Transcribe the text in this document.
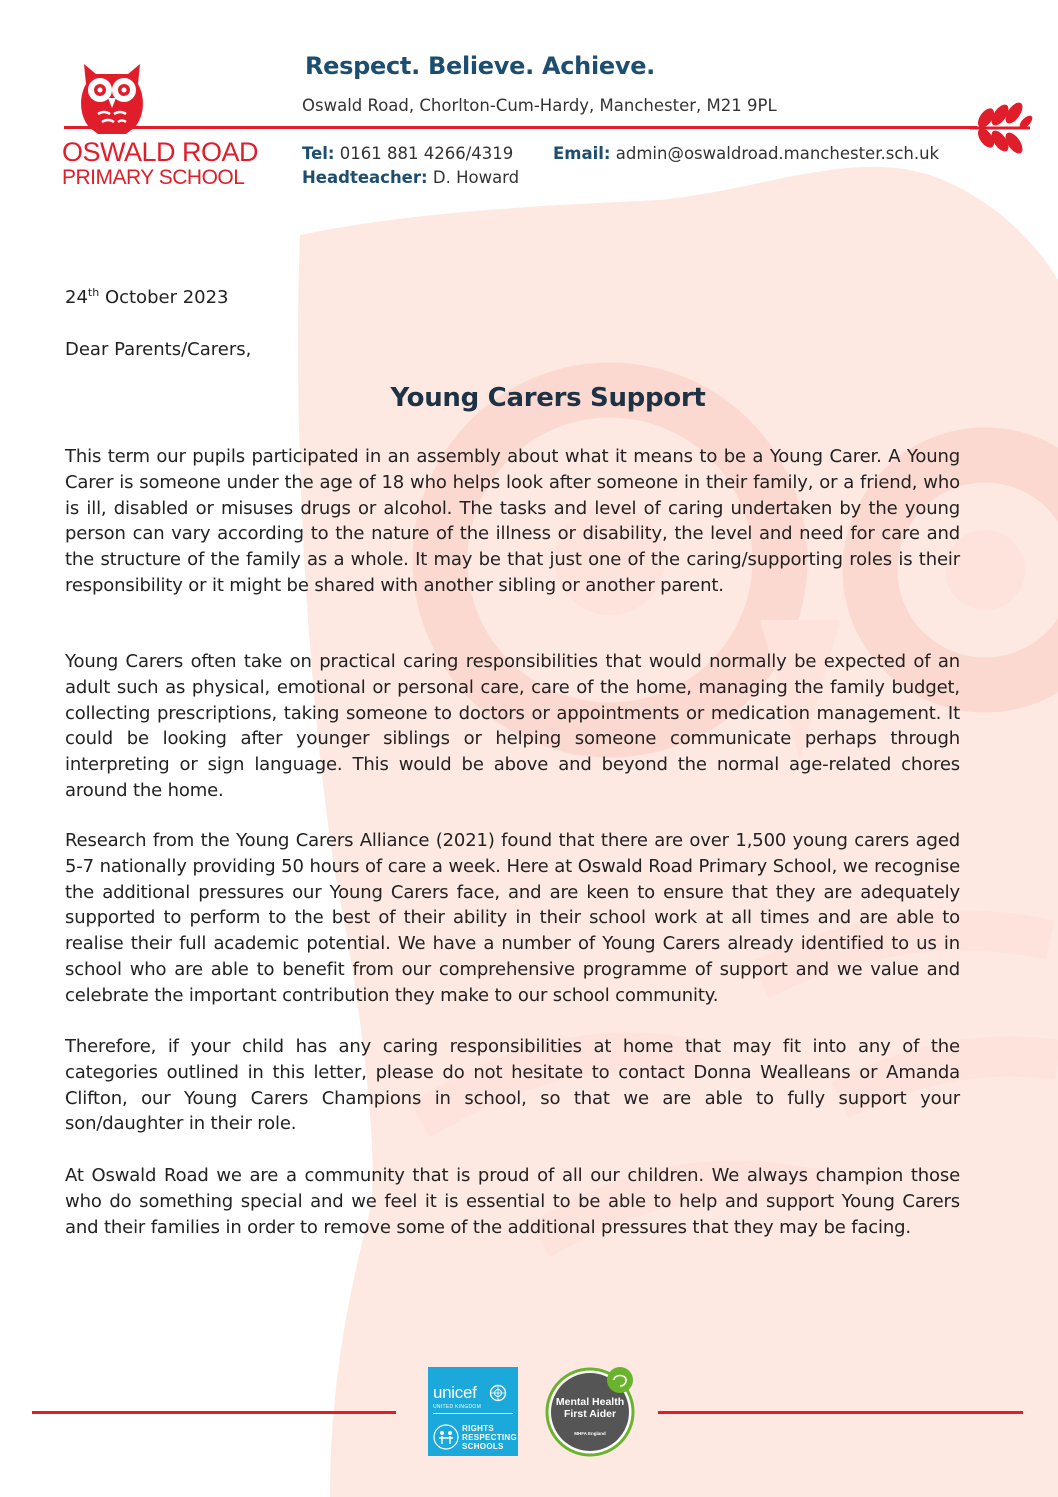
OSWALD ROAD
PRIMARY SCHOOL
Respect. Believe. Achieve.
Oswald Road, Chorlton-Cum-Hardy, Manchester, M21 9PL
Tel: 0161 881 4266/4319 Email: admin@oswaldroad.manchester.sch.uk
Headteacher: D. Howard
24th October 2023
Dear Parents/Carers,
Young Carers Support

This term our pupils participated in an assembly about what it means to be a Young Carer. A Young Carer is someone under the age of 18 who helps look after someone in their family, or a friend, who is ill, disabled or misuses drugs or alcohol. The tasks and level of caring undertaken by the young person can vary according to the nature of the illness or disability, the level and need for care and the structure of the family as a whole. It may be that just one of the caring/supporting roles is their responsibility or it might be shared with another sibling or another parent.

Young Carers often take on practical caring responsibilities that would normally be expected of an adult such as physical, emotional or personal care, care of the home, managing the family budget, collecting prescriptions, taking someone to doctors or appointments or medication management. It could be looking after younger siblings or helping someone communicate perhaps through interpreting or sign language. This would be above and beyond the normal age-related chores around the home.

Research from the Young Carers Alliance (2021) found that there are over 1,500 young carers aged 5-7 nationally providing 50 hours of care a week. Here at Oswald Road Primary School, we recognise the additional pressures our Young Carers face, and are keen to ensure that they are adequately supported to perform to the best of their ability in their school work at all times and are able to realise their full academic potential. We have a number of Young Carers already identified to us in school who are able to benefit from our comprehensive programme of support and we value and celebrate the important contribution they make to our school community.

Therefore, if your child has any caring responsibilities at home that may fit into any of the categories outlined in this letter, please do not hesitate to contact Donna Wealleans or Amanda Clifton, our Young Carers Champions in school, so that we are able to fully support your son/daughter in their role.

At Oswald Road we are a community that is proud of all our children. We always champion those who do something special and we feel it is essential to be able to help and support Young Carers and their families in order to remove some of the additional pressures that they may be facing.

unicef
UNITED KINGDOM
RIGHTS
RESPECTING
SCHOOLS
Mental Health
First Aider
MHFA England
